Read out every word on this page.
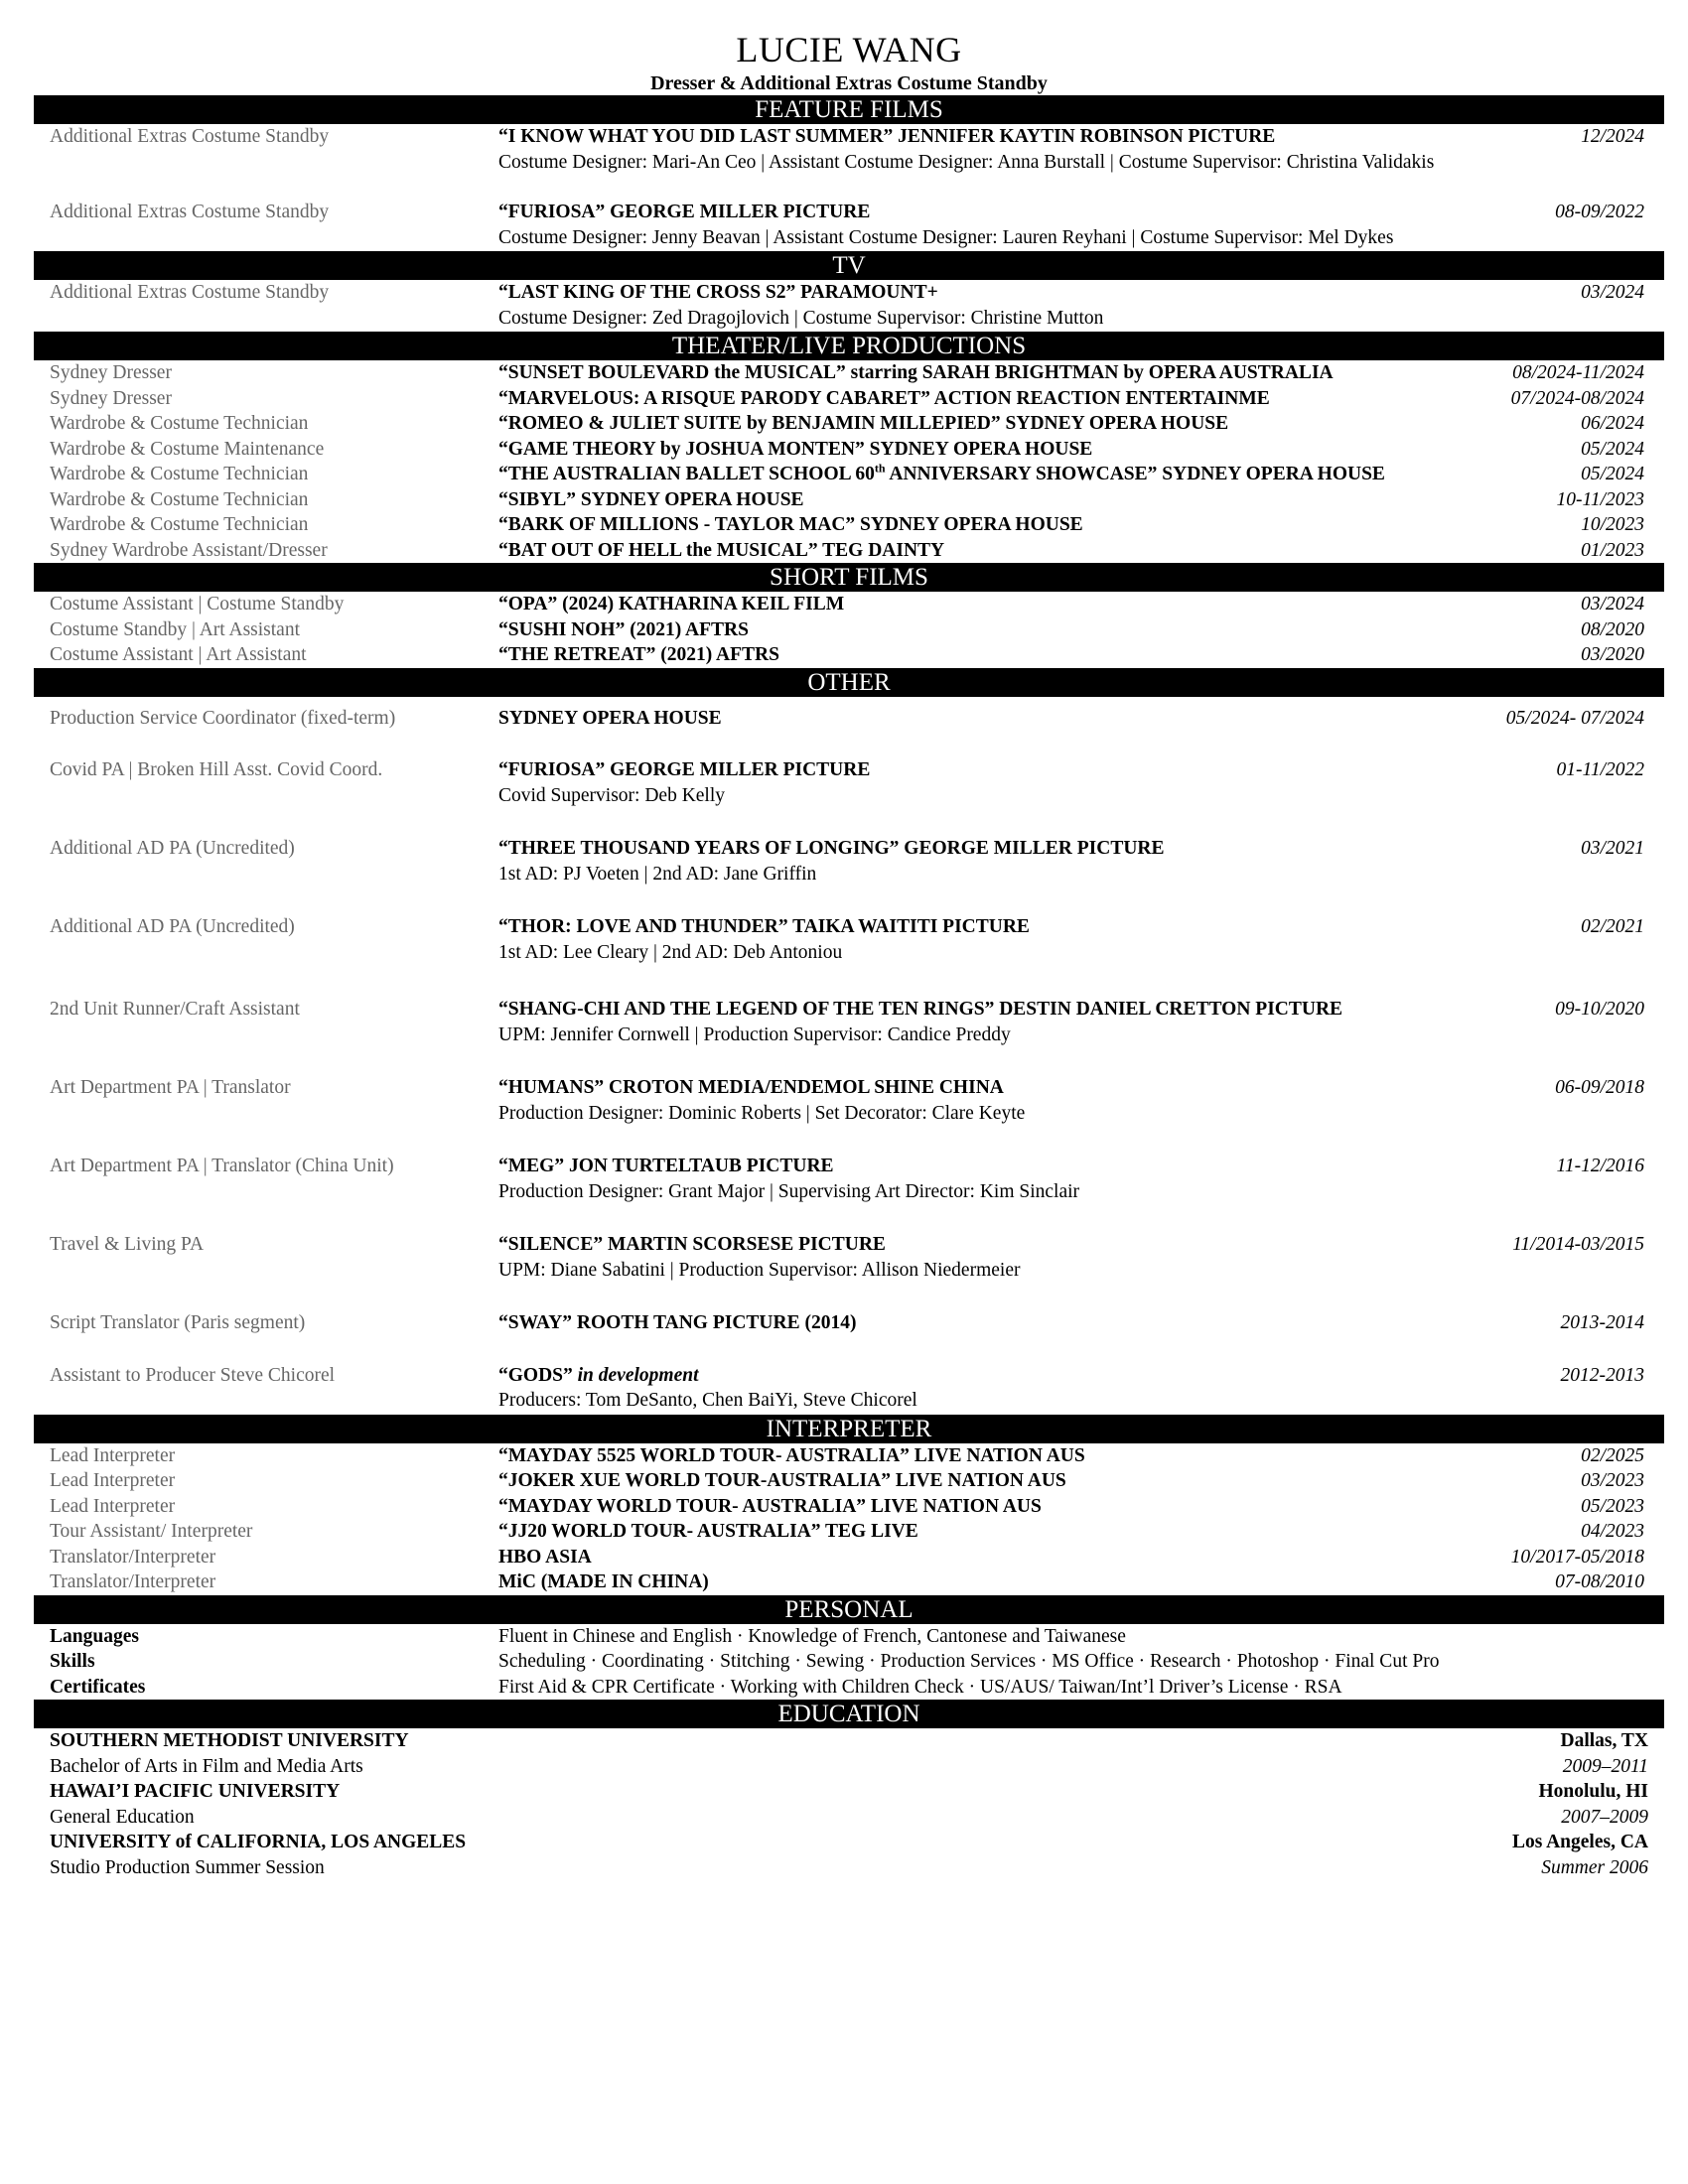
LUCIE WANG
Dresser & Additional Extras Costume Standby
FEATURE FILMS
Additional Extras Costume Standby	“I KNOW WHAT YOU DID LAST SUMMER” JENNIFER KAYTIN ROBINSON PICTURE	12/2024
Costume Designer: Mari-An Ceo | Assistant Costume Designer: Anna Burstall | Costume Supervisor: Christina Validakis
Additional Extras Costume Standby	“FURIOSA” GEORGE MILLER PICTURE	08-09/2022
Costume Designer: Jenny Beavan | Assistant Costume Designer: Lauren Reyhani | Costume Supervisor: Mel Dykes
TV
Additional Extras Costume Standby	“LAST KING OF THE CROSS S2” PARAMOUNT+	03/2024
Costume Designer: Zed Dragojlovich | Costume Supervisor: Christine Mutton
THEATER/LIVE PRODUCTIONS
Sydney Dresser	“SUNSET BOULEVARD the MUSICAL” starring SARAH BRIGHTMAN by OPERA AUSTRALIA	08/2024-11/2024
Sydney Dresser	“MARVELOUS: A RISQUE PARODY CABARET” ACTION REACTION ENTERTAINME	07/2024-08/2024
Wardrobe & Costume Technician	“ROMEO & JULIET SUITE by BENJAMIN MILLEPIED” SYDNEY OPERA HOUSE	06/2024
Wardrobe & Costume Maintenance	“GAME THEORY by JOSHUA MONTEN” SYDNEY OPERA HOUSE	05/2024
Wardrobe & Costume Technician	“THE AUSTRALIAN BALLET SCHOOL 60th ANNIVERSARY SHOWCASE” SYDNEY OPERA HOUSE	05/2024
Wardrobe & Costume Technician	“SIBYL” SYDNEY OPERA HOUSE	10-11/2023
Wardrobe & Costume Technician	“BARK OF MILLIONS - TAYLOR MAC” SYDNEY OPERA HOUSE	10/2023
Sydney Wardrobe Assistant/Dresser	“BAT OUT OF HELL the MUSICAL” TEG DAINTY	01/2023
SHORT FILMS
Costume Assistant | Costume Standby	“OPA” (2024) KATHARINA KEIL FILM	03/2024
Costume Standby | Art Assistant	“SUSHI NOH” (2021) AFTRS	08/2020
Costume Assistant | Art Assistant	“THE RETREAT” (2021) AFTRS	03/2020
OTHER
Production Service Coordinator (fixed-term)	SYDNEY OPERA HOUSE	05/2024- 07/2024
Covid PA | Broken Hill Asst. Covid Coord.	“FURIOSA” GEORGE MILLER PICTURE	01-11/2022
Covid Supervisor: Deb Kelly
Additional AD PA (Uncredited)	“THREE THOUSAND YEARS OF LONGING” GEORGE MILLER PICTURE	03/2021
1st AD: PJ Voeten | 2nd AD: Jane Griffin
Additional AD PA (Uncredited)	“THOR: LOVE AND THUNDER” TAIKA WAITITI PICTURE	02/2021
1st AD: Lee Cleary | 2nd AD: Deb Antoniou
2nd Unit Runner/Craft Assistant	“SHANG-CHI AND THE LEGEND OF THE TEN RINGS” DESTIN DANIEL CRETTON PICTURE	09-10/2020
UPM: Jennifer Cornwell | Production Supervisor: Candice Preddy
Art Department PA | Translator	“HUMANS” CROTON MEDIA/ENDEMOL SHINE CHINA	06-09/2018
Production Designer: Dominic Roberts | Set Decorator: Clare Keyte
Art Department PA | Translator (China Unit)	“MEG” JON TURTELTAUB PICTURE	11-12/2016
Production Designer: Grant Major | Supervising Art Director: Kim Sinclair
Travel & Living PA	“SILENCE” MARTIN SCORSESE PICTURE	11/2014-03/2015
UPM: Diane Sabatini | Production Supervisor: Allison Niedermeier
Script Translator (Paris segment)	“SWAY” ROOTH TANG PICTURE (2014)	2013-2014
Assistant to Producer Steve Chicorel	“GODS” in development	2012-2013
Producers: Tom DeSanto, Chen BaiYi, Steve Chicorel
INTERPRETER
Lead Interpreter	“MAYDAY 5525 WORLD TOUR- AUSTRALIA” LIVE NATION AUS	02/2025
Lead Interpreter	“JOKER XUE WORLD TOUR-AUSTRALIA” LIVE NATION AUS	03/2023
Lead Interpreter	“MAYDAY WORLD TOUR- AUSTRALIA” LIVE NATION AUS	05/2023
Tour Assistant/ Interpreter	“JJ20 WORLD TOUR- AUSTRALIA” TEG LIVE	04/2023
Translator/Interpreter	HBO ASIA	10/2017-05/2018
Translator/Interpreter	MiC (MADE IN CHINA)	07-08/2010
PERSONAL
Languages	Fluent in Chinese and English · Knowledge of French, Cantonese and Taiwanese
Skills	Scheduling · Coordinating · Stitching · Sewing · Production Services · MS Office · Research · Photoshop · Final Cut Pro
Certificates	First Aid & CPR Certificate · Working with Children Check · US/AUS/ Taiwan/Int’l Driver’s License · RSA
EDUCATION
SOUTHERN METHODIST UNIVERSITY	Dallas, TX
Bachelor of Arts in Film and Media Arts	2009–2011
HAWAI’I PACIFIC UNIVERSITY	Honolulu, HI
General Education	2007–2009
UNIVERSITY of CALIFORNIA, LOS ANGELES	Los Angeles, CA
Studio Production Summer Session	Summer 2006
